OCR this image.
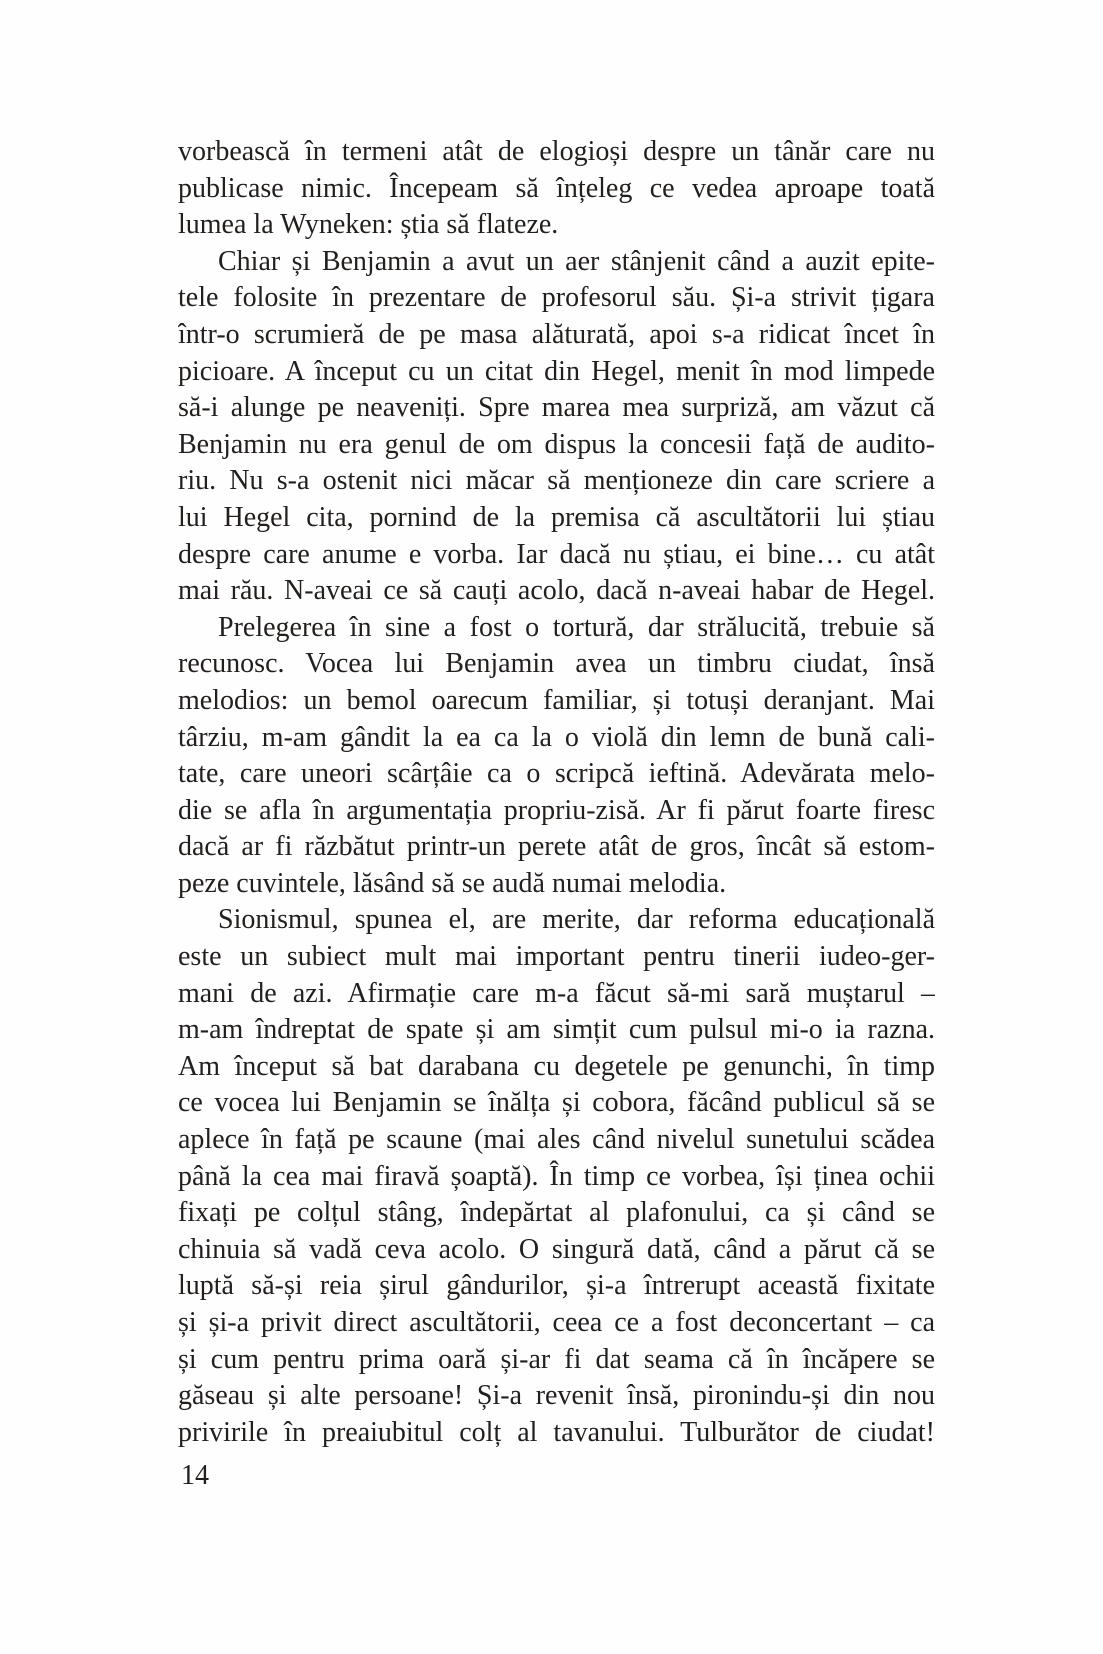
vorbească în termeni atât de elogioși despre un tânăr care nu
publicase nimic. Începeam să înțeleg ce vedea aproape toată
lumea la Wyneken: știa să flateze.
Chiar și Benjamin a avut un aer stânjenit când a auzit epite-
tele folosite în prezentare de profesorul său. Și-a strivit țigara
într-o scrumieră de pe masa alăturată, apoi s-a ridicat încet în
picioare. A început cu un citat din Hegel, menit în mod limpede
să-i alunge pe neaveniți. Spre marea mea surpriză, am văzut că
Benjamin nu era genul de om dispus la concesii față de audito-
riu. Nu s-a ostenit nici măcar să menționeze din care scriere a
lui Hegel cita, pornind de la premisa că ascultătorii lui știau
despre care anume e vorba. Iar dacă nu știau, ei bine… cu atât
mai rău. N-aveai ce să cauți acolo, dacă n-aveai habar de Hegel.
Prelegerea în sine a fost o tortură, dar strălucită, trebuie să
recunosc. Vocea lui Benjamin avea un timbru ciudat, însă
melodios: un bemol oarecum familiar, și totuși deranjant. Mai
târziu, m-am gândit la ea ca la o violă din lemn de bună cali-
tate, care uneori scârțâie ca o scripcă ieftină. Adevărata melo-
die se afla în argumentația propriu-zisă. Ar fi părut foarte firesc
dacă ar fi răzbătut printr-un perete atât de gros, încât să estom-
peze cuvintele, lăsând să se audă numai melodia.
Sionismul, spunea el, are merite, dar reforma educațională
este un subiect mult mai important pentru tinerii iudeo-ger-
mani de azi. Afirmație care m-a făcut să-mi sară muștarul –
m-am îndreptat de spate și am simțit cum pulsul mi-o ia razna.
Am început să bat darabana cu degetele pe genunchi, în timp
ce vocea lui Benjamin se înălța și cobora, făcând publicul să se
aplece în față pe scaune (mai ales când nivelul sunetului scădea
până la cea mai firavă șoaptă). În timp ce vorbea, își ținea ochii
fixați pe colțul stâng, îndepărtat al plafonului, ca și când se
chinuia să vadă ceva acolo. O singură dată, când a părut că se
luptă să-și reia șirul gândurilor, și-a întrerupt această fixitate
și și-a privit direct ascultătorii, ceea ce a fost deconcertant – ca
și cum pentru prima oară și-ar fi dat seama că în încăpere se
găseau și alte persoane! Și-a revenit însă, pironindu-și din nou
privirile în preaiubitul colț al tavanului. Tulburător de ciudat!
14
